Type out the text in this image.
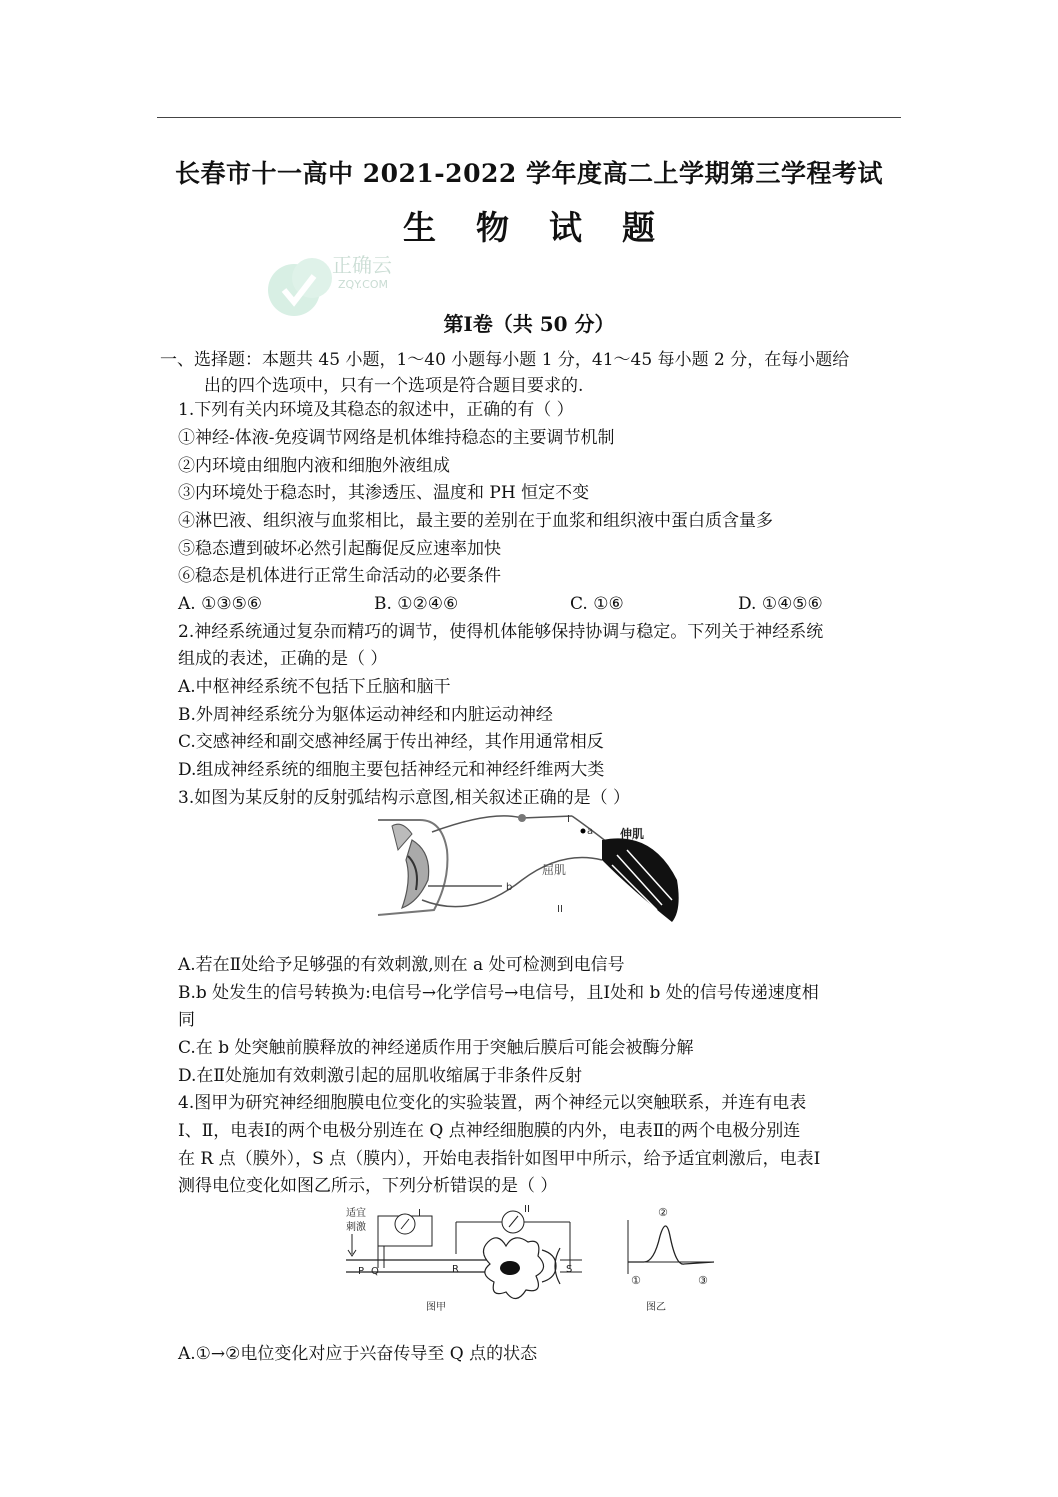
长春市十一高中 2021-2022 学年度高二上学期第三学程考试
生物试题
正确云
ZQY.COM
第Ⅰ卷（共 50 分）
一、选择题：本题共 45 小题，1～40 小题每小题 1 分，41～45 每小题 2 分，在每小题给
出的四个选项中，只有一个选项是符合题目要求的.
1.下列有关内环境及其稳态的叙述中，正确的有（ ）
①神经-体液-免疫调节网络是机体维持稳态的主要调节机制
②内环境由细胞内液和细胞外液组成
③内环境处于稳态时，其渗透压、温度和 PH 恒定不变
④淋巴液、组织液与血浆相比，最主要的差别在于血浆和组织液中蛋白质含量多
⑤稳态遭到破坏必然引起酶促反应速率加快
⑥稳态是机体进行正常生命活动的必要条件
A. ①③⑤⑥	B. ①②④⑥	C. ①⑥	D. ①④⑤⑥
2.神经系统通过复杂而精巧的调节，使得机体能够保持协调与稳定。下列关于神经系统
组成的表述，正确的是（ ）
A.中枢神经系统不包括下丘脑和脑干
B.外周神经系统分为躯体运动神经和内脏运动神经
C.交感神经和副交感神经属于传出神经，其作用通常相反
D.组成神经系统的细胞主要包括神经元和神经纤维两大类
3.如图为某反射的反射弧结构示意图,相关叙述正确的是（ ）
I
a
b
II
伸肌
屈肌
A.若在Ⅱ处给予足够强的有效刺激,则在 a 处可检测到电信号
B.b 处发生的信号转换为:电信号→化学信号→电信号，且Ⅰ处和 b 处的信号传递速度相
同
C.在 b 处突触前膜释放的神经递质作用于突触后膜后可能会被酶分解
D.在Ⅱ处施加有效刺激引起的屈肌收缩属于非条件反射
4.图甲为研究神经细胞膜电位变化的实验装置，两个神经元以突触联系，并连有电表
Ⅰ、Ⅱ，电表Ⅰ的两个电极分别连在 Q 点神经细胞膜的内外，电表Ⅱ的两个电极分别连
在 R 点（膜外），S 点（膜内），开始电表指针如图甲中所示，给予适宜刺激后，电表Ⅰ
测得电位变化如图乙所示，下列分析错误的是（ ）
适宜
刺激
I
P Q
II
R	S
图甲
②
①	③
图乙
A.①→②电位变化对应于兴奋传导至 Q 点的状态
